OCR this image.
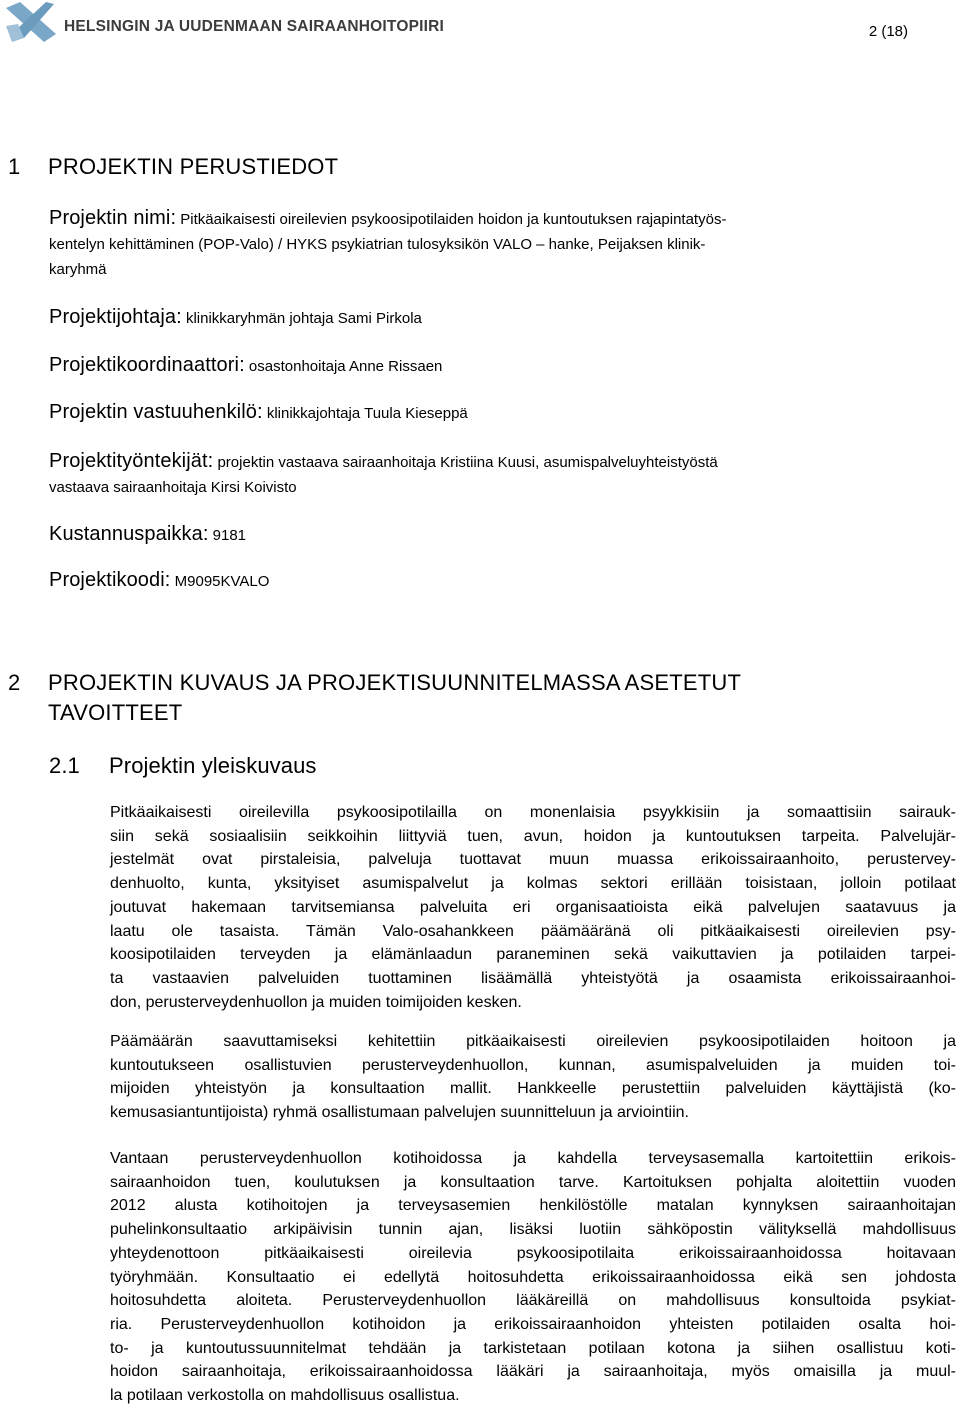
HELSINGIN JA UUDENMAAN SAIRAANHOITOPIIRI	2 (18)
1 PROJEKTIN PERUSTIEDOT
Projektin nimi: Pitkäaikaisesti oireilevien psykoosipotilaiden hoidon ja kuntoutuksen rajapintatyös-
kentelyn kehittäminen (POP-Valo) / HYKS psykiatrian tulosyksikön VALO – hanke, Peijaksen klinik-
karyhmä
Projektijohtaja: klinikkaryhmän johtaja Sami Pirkola
Projektikoordinaattori: osastonhoitaja Anne Rissaen
Projektin vastuuhenkilö: klinikkajohtaja Tuula Kieseppä
Projektityöntekijät: projektin vastaava sairaanhoitaja Kristiina Kuusi, asumispalveluyhteistyöstä
vastaava sairaanhoitaja Kirsi Koivisto
Kustannuspaikka: 9181
Projektikoodi: M9095KVALO
2 PROJEKTIN KUVAUS JA PROJEKTISUUNNITELMASSA ASETETUT
TAVOITTEET
2.1 Projektin yleiskuvaus
Pitkäaikaisesti oireilevilla psykoosipotilailla on monenlaisia psyykkisiin ja somaattisiin sairauk-
siin sekä sosiaalisiin seikkoihin liittyviä tuen, avun, hoidon ja kuntoutuksen tarpeita. Palvelujär-
jestelmät ovat pirstaleisia, palveluja tuottavat muun muassa erikoissairaanhoito, perustervey-
denhuolto, kunta, yksityiset asumispalvelut ja kolmas sektori erillään toisistaan, jolloin potilaat
joutuvat hakemaan tarvitsemiansa palveluita eri organisaatioista eikä palvelujen saatavuus ja
laatu ole tasaista. Tämän Valo-osahankkeen päämääränä oli pitkäaikaisesti oireilevien psy-
koosipotilaiden terveyden ja elämänlaadun paraneminen sekä vaikuttavien ja potilaiden tarpei-
ta vastaavien palveluiden tuottaminen lisäämällä yhteistyötä ja osaamista erikoissairaanhoi-
don, perusterveydenhuollon ja muiden toimijoiden kesken.
Päämäärän saavuttamiseksi kehitettiin pitkäaikaisesti oireilevien psykoosipotilaiden hoitoon ja
kuntoutukseen osallistuvien perusterveydenhuollon, kunnan, asumispalveluiden ja muiden toi-
mijoiden yhteistyön ja konsultaation mallit. Hankkeelle perustettiin palveluiden käyttäjistä (ko-
kemusasiantuntijoista) ryhmä osallistumaan palvelujen suunnitteluun ja arviointiin.
Vantaan perusterveydenhuollon kotihoidossa ja kahdella terveysasemalla kartoitettiin erikois-
sairaanhoidon tuen, koulutuksen ja konsultaation tarve. Kartoituksen pohjalta aloitettiin vuoden
2012 alusta kotihoitojen ja terveysasemien henkilöstölle matalan kynnyksen sairaanhoitajan
puhelinkonsultaatio arkipäivisin tunnin ajan, lisäksi luotiin sähköpostin välityksellä mahdollisuus
yhteydenottoon pitkäaikaisesti oireilevia psykoosipotilaita erikoissairaanhoidossa hoitavaan
työryhmään. Konsultaatio ei edellytä hoitosuhdetta erikoissairaanhoidossa eikä sen johdosta
hoitosuhdetta aloiteta. Perusterveydenhuollon lääkäreillä on mahdollisuus konsultoida psykiat-
ria. Perusterveydenhuollon kotihoidon ja erikoissairaanhoidon yhteisten potilaiden osalta hoi-
to- ja kuntoutussuunnitelmat tehdään ja tarkistetaan potilaan kotona ja siihen osallistuu koti-
hoidon sairaanhoitaja, erikoissairaanhoidossa lääkäri ja sairaanhoitaja, myös omaisilla ja muul-
la potilaan verkostolla on mahdollisuus osallistua.
